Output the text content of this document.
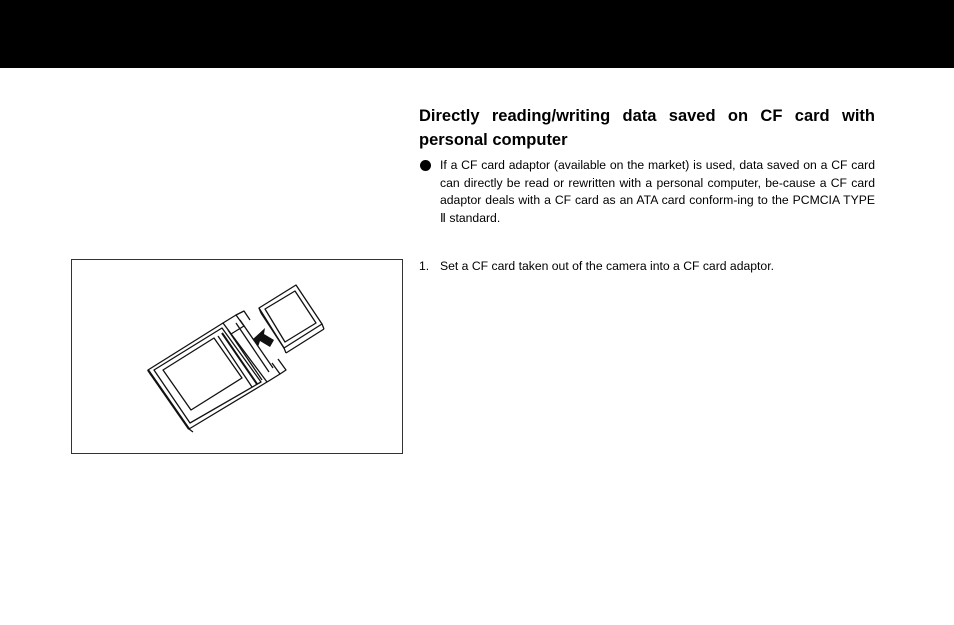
Directly reading/writing data saved on CF card with personal computer

If a CF card adaptor (available on the market) is used, data saved on a CF card can directly be read or rewritten with a personal computer, be-cause a CF card adaptor deals with a CF card as an ATA card conform-ing to the PCMCIA TYPE Ⅱ standard.

1. Set a CF card taken out of the camera into a CF card adaptor.
